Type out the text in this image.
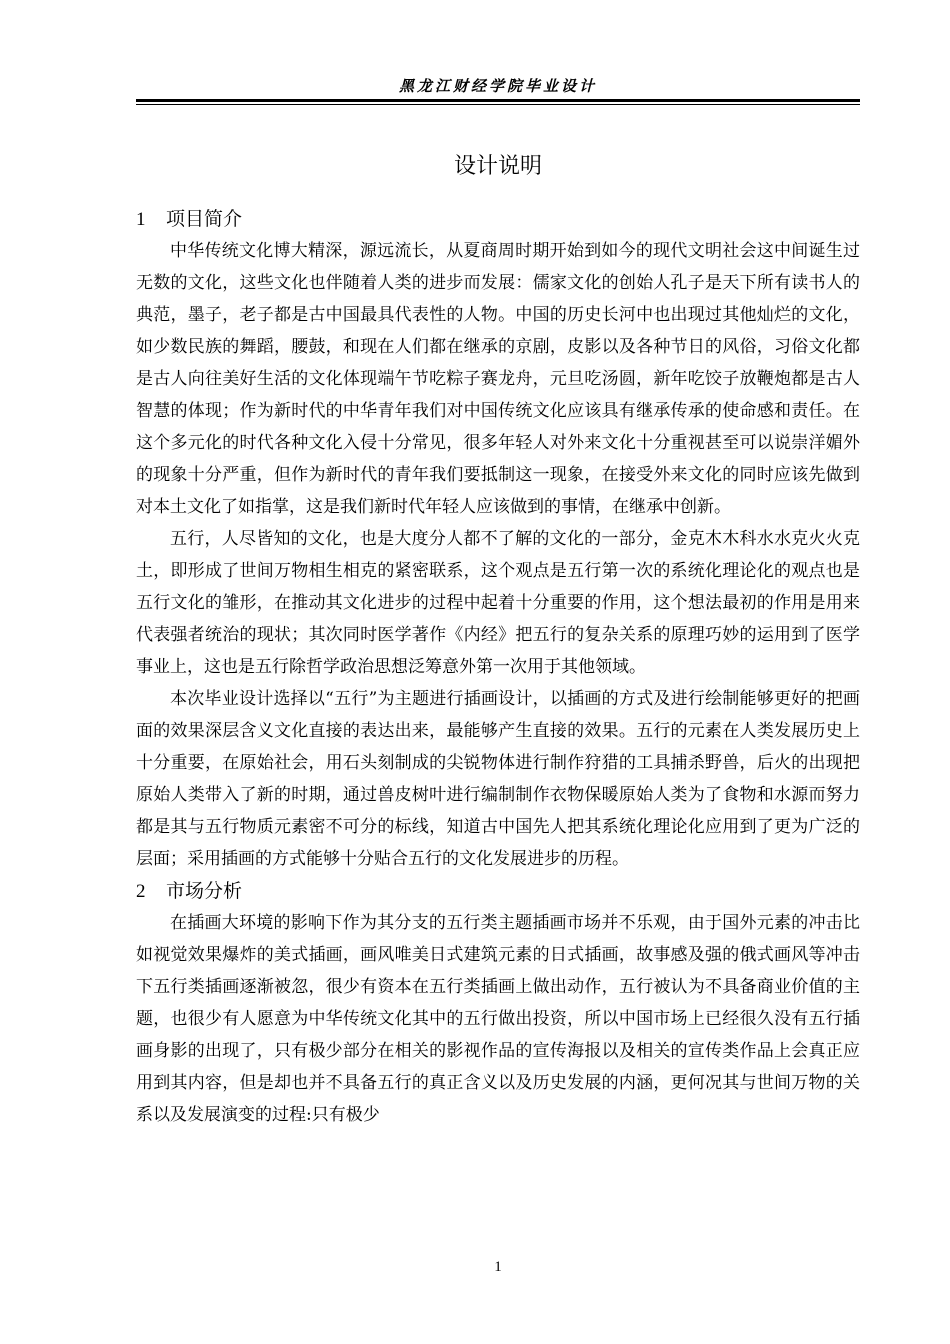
黑龙江财经学院毕业设计
设计说明
1 项目简介

中华传统文化博大精深，源远流长，从夏商周时期开始到如今的现代文明社会这中间诞生过无数的文化，这些文化也伴随着人类的进步而发展：儒家文化的创始人孔子是天下所有读书人的典范，墨子，老子都是古中国最具代表性的人物。中国的历史长河中也出现过其他灿烂的文化，如少数民族的舞蹈，腰鼓，和现在人们都在继承的京剧，皮影以及各种节日的风俗，习俗文化都是古人向往美好生活的文化体现端午节吃粽子赛龙舟，元旦吃汤圆，新年吃饺子放鞭炮都是古人智慧的体现；作为新时代的中华青年我们对中国传统文化应该具有继承传承的使命感和责任。在这个多元化的时代各种文化入侵十分常见，很多年轻人对外来文化十分重视甚至可以说崇洋媚外的现象十分严重，但作为新时代的青年我们要抵制这一现象，在接受外来文化的同时应该先做到对本土文化了如指掌，这是我们新时代年轻人应该做到的事情，在继承中创新。

五行，人尽皆知的文化，也是大度分人都不了解的文化的一部分，金克木木科水水克火火克土，即形成了世间万物相生相克的紧密联系，这个观点是五行第一次的系统化理论化的观点也是五行文化的雏形，在推动其文化进步的过程中起着十分重要的作用，这个想法最初的作用是用来代表强者统治的现状；其次同时医学著作《内经》把五行的复杂关系的原理巧妙的运用到了医学事业上，这也是五行除哲学政治思想泛筹意外第一次用于其他领域。

本次毕业设计选择以“五行”为主题进行插画设计，以插画的方式及进行绘制能够更好的把画面的效果深层含义文化直接的表达出来，最能够产生直接的效果。五行的元素在人类发展历史上十分重要，在原始社会，用石头刻制成的尖锐物体进行制作狩猎的工具捕杀野兽，后火的出现把原始人类带入了新的时期，通过兽皮树叶进行编制制作衣物保暖原始人类为了食物和水源而努力都是其与五行物质元素密不可分的标线，知道古中国先人把其系统化理论化应用到了更为广泛的层面；采用插画的方式能够十分贴合五行的文化发展进步的历程。

2 市场分析

在插画大环境的影响下作为其分支的五行类主题插画市场并不乐观，由于国外元素的冲击比如视觉效果爆炸的美式插画，画风唯美日式建筑元素的日式插画，故事感及强的俄式画风等冲击下五行类插画逐渐被忽，很少有资本在五行类插画上做出动作，五行被认为不具备商业价值的主题，也很少有人愿意为中华传统文化其中的五行做出投资，所以中国市场上已经很久没有五行插画身影的出现了，只有极少部分在相关的影视作品的宣传海报以及相关的宣传类作品上会真正应用到其内容，但是却也并不具备五行的真正含义以及历史发展的内涵，更何况其与世间万物的关系以及发展演变的过程:只有极少

1
